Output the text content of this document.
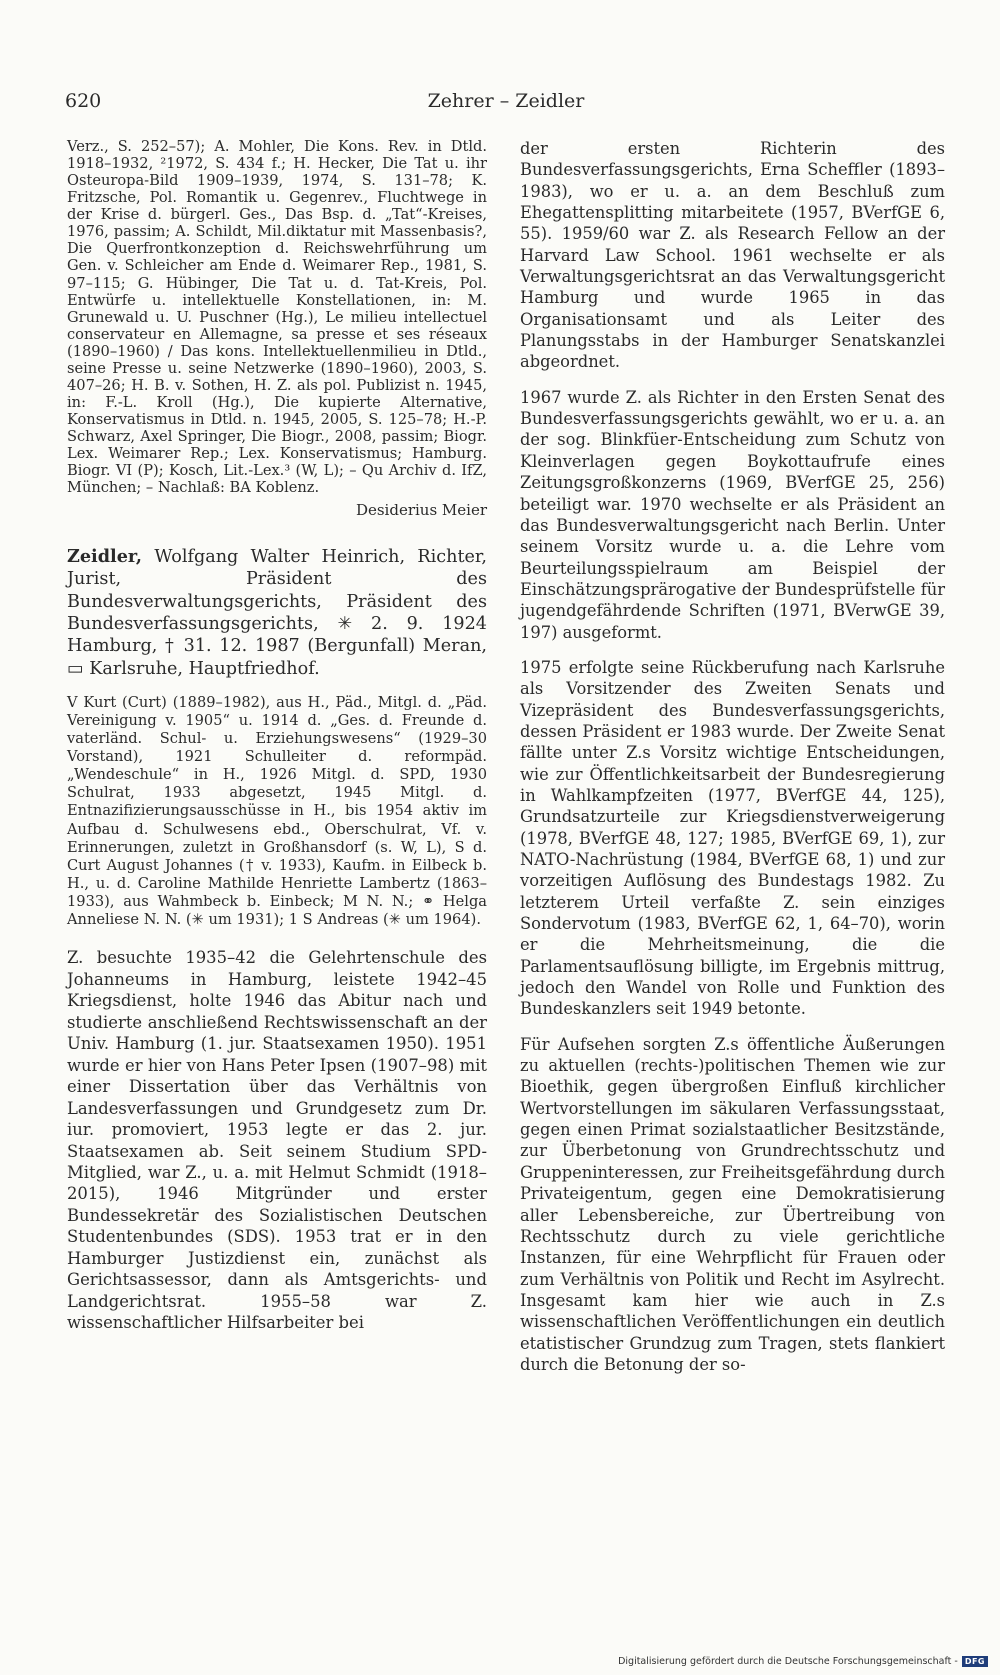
620	Zehrer – Zeidler

Verz., S. 252–57); A. Mohler, Die Kons. Rev. in Dtld. 1918–1932, ²1972, S. 434 f.; H. Hecker, Die Tat u. ihr Osteuropa-Bild 1909–1939, 1974, S. 131–78; K. Fritzsche, Pol. Romantik u. Gegenrev., Fluchtwege in der Krise d. bürgerl. Ges., Das Bsp. d. „Tat“-Kreises, 1976, passim; A. Schildt, Mil.diktatur mit Massenbasis?, Die Querfrontkonzeption d. Reichswehrführung um Gen. v. Schleicher am Ende d. Weimarer Rep., 1981, S. 97–115; G. Hübinger, Die Tat u. d. Tat-Kreis, Pol. Entwürfe u. intellektuelle Konstellationen, in: M. Grunewald u. U. Puschner (Hg.), Le milieu intellectuel conservateur en Allemagne, sa presse et ses réseaux (1890–1960) / Das kons. Intellektuellenmilieu in Dtld., seine Presse u. seine Netzwerke (1890–1960), 2003, S. 407–26; H. B. v. Sothen, H. Z. als pol. Publizist n. 1945, in: F.-L. Kroll (Hg.), Die kupierte Alternative, Konservatismus in Dtld. n. 1945, 2005, S. 125–78; H.-P. Schwarz, Axel Springer, Die Biogr., 2008, passim; Biogr. Lex. Weimarer Rep.; Lex. Konservatismus; Hamburg. Biogr. VI (P); Kosch, Lit.-Lex.³ (W, L); – Qu Archiv d. IfZ, München; – Nachlaß: BA Koblenz.

Desiderius Meier

Zeidler, Wolfgang Walter Heinrich, Richter, Jurist, Präsident des Bundesverwaltungsgerichts, Präsident des Bundesverfassungsgerichts, ✳ 2. 9. 1924 Hamburg, † 31. 12. 1987 (Bergunfall) Meran, ▭ Karlsruhe, Hauptfriedhof.

V Kurt (Curt) (1889–1982), aus H., Päd., Mitgl. d. „Päd. Vereinigung v. 1905“ u. 1914 d. „Ges. d. Freunde d. vaterländ. Schul- u. Erziehungswesens“ (1929–30 Vorstand), 1921 Schulleiter d. reformpäd. „Wendeschule“ in H., 1926 Mitgl. d. SPD, 1930 Schulrat, 1933 abgesetzt, 1945 Mitgl. d. Entnazifizierungsausschüsse in H., bis 1954 aktiv im Aufbau d. Schulwesens ebd., Oberschulrat, Vf. v. Erinnerungen, zuletzt in Großhansdorf (s. W, L), S d. Curt August Johannes († v. 1933), Kaufm. in Eilbeck b. H., u. d. Caroline Mathilde Henriette Lambertz (1863–1933), aus Wahmbeck b. Einbeck; M N. N.; ⚭ Helga Anneliese N. N. (✳ um 1931); 1 S Andreas (✳ um 1964).

Z. besuchte 1935–42 die Gelehrtenschule des Johanneums in Hamburg, leistete 1942–45 Kriegsdienst, holte 1946 das Abitur nach und studierte anschließend Rechtswissenschaft an der Univ. Hamburg (1. jur. Staatsexamen 1950). 1951 wurde er hier von Hans Peter Ipsen (1907–98) mit einer Dissertation über das Verhältnis von Landesverfassungen und Grundgesetz zum Dr. iur. promoviert, 1953 legte er das 2. jur. Staatsexamen ab. Seit seinem Studium SPD-Mitglied, war Z., u. a. mit Helmut Schmidt (1918–2015), 1946 Mitgründer und erster Bundessekretär des Sozialistischen Deutschen Studentenbundes (SDS). 1953 trat er in den Hamburger Justizdienst ein, zunächst als Gerichtsassessor, dann als Amtsgerichts- und Landgerichtsrat. 1955–58 war Z. wissenschaftlicher Hilfsarbeiter bei

der ersten Richterin des Bundesverfassungsgerichts, Erna Scheffler (1893–1983), wo er u. a. an dem Beschluß zum Ehegattensplitting mitarbeitete (1957, BVerfGE 6, 55). 1959/60 war Z. als Research Fellow an der Harvard Law School. 1961 wechselte er als Verwaltungsgerichtsrat an das Verwaltungsgericht Hamburg und wurde 1965 in das Organisationsamt und als Leiter des Planungsstabs in der Hamburger Senatskanzlei abgeordnet.

1967 wurde Z. als Richter in den Ersten Senat des Bundesverfassungsgerichts gewählt, wo er u. a. an der sog. Blinkfüer-Entscheidung zum Schutz von Kleinverlagen gegen Boykottaufrufe eines Zeitungsgroßkonzerns (1969, BVerfGE 25, 256) beteiligt war. 1970 wechselte er als Präsident an das Bundesverwaltungsgericht nach Berlin. Unter seinem Vorsitz wurde u. a. die Lehre vom Beurteilungsspielraum am Beispiel der Einschätzungsprärogative der Bundesprüfstelle für jugendgefährdende Schriften (1971, BVerwGE 39, 197) ausgeformt.

1975 erfolgte seine Rückberufung nach Karlsruhe als Vorsitzender des Zweiten Senats und Vizepräsident des Bundesverfassungsgerichts, dessen Präsident er 1983 wurde. Der Zweite Senat fällte unter Z.s Vorsitz wichtige Entscheidungen, wie zur Öffentlichkeitsarbeit der Bundesregierung in Wahlkampfzeiten (1977, BVerfGE 44, 125), Grundsatzurteile zur Kriegsdienstverweigerung (1978, BVerfGE 48, 127; 1985, BVerfGE 69, 1), zur NATO-Nachrüstung (1984, BVerfGE 68, 1) und zur vorzeitigen Auflösung des Bundestags 1982. Zu letzterem Urteil verfaßte Z. sein einziges Sondervotum (1983, BVerfGE 62, 1, 64–70), worin er die Mehrheitsmeinung, die die Parlamentsauflösung billigte, im Ergebnis mittrug, jedoch den Wandel von Rolle und Funktion des Bundeskanzlers seit 1949 betonte.

Für Aufsehen sorgten Z.s öffentliche Äußerungen zu aktuellen (rechts-)politischen Themen wie zur Bioethik, gegen übergroßen Einfluß kirchlicher Wertvorstellungen im säkularen Verfassungsstaat, gegen einen Primat sozialstaatlicher Besitzstände, zur Überbetonung von Grundrechtsschutz und Gruppeninteressen, zur Freiheitsgefährdung durch Privateigentum, gegen eine Demokratisierung aller Lebensbereiche, zur Übertreibung von Rechtsschutz durch zu viele gerichtliche Instanzen, für eine Wehrpflicht für Frauen oder zum Verhältnis von Politik und Recht im Asylrecht. Insgesamt kam hier wie auch in Z.s wissenschaftlichen Veröffentlichungen ein deutlich etatistischer Grundzug zum Tragen, stets flankiert durch die Betonung der so-

Digitalisierung gefördert durch die Deutsche Forschungsgemeinschaft - DFG
